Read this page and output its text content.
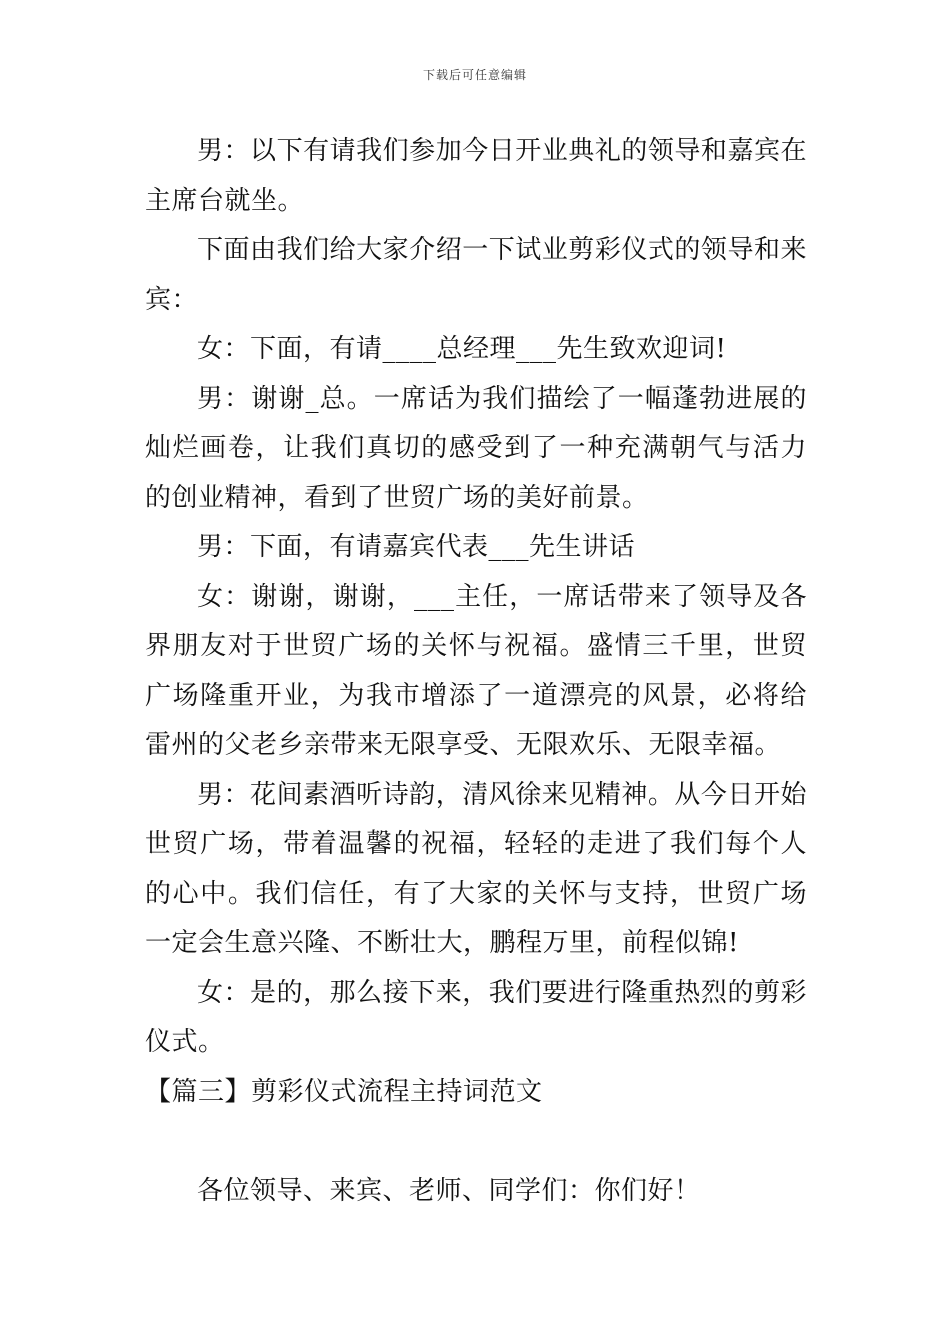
下载后可任意编辑

男：以下有请我们参加今日开业典礼的领导和嘉宾在主席台就坐。

下面由我们给大家介绍一下试业剪彩仪式的领导和来宾：

女：下面，有请____总经理___先生致欢迎词!

男：谢谢_总。一席话为我们描绘了一幅蓬勃进展的灿烂画卷，让我们真切的感受到了一种充满朝气与活力的创业精神，看到了世贸广场的美好前景。

男：下面，有请嘉宾代表___先生讲话

女：谢谢，谢谢，___主任，一席话带来了领导及各界朋友对于世贸广场的关怀与祝福。盛情三千里，世贸广场隆重开业，为我市增添了一道漂亮的风景，必将给雷州的父老乡亲带来无限享受、无限欢乐、无限幸福。

男：花间素酒听诗韵，清风徐来见精神。从今日开始世贸广场，带着温馨的祝福，轻轻的走进了我们每个人的心中。我们信任，有了大家的关怀与支持，世贸广场一定会生意兴隆、不断壮大，鹏程万里，前程似锦!

女：是的，那么接下来，我们要进行隆重热烈的剪彩仪式。

【篇三】剪彩仪式流程主持词范文

各位领导、来宾、老师、同学们：你们好！
